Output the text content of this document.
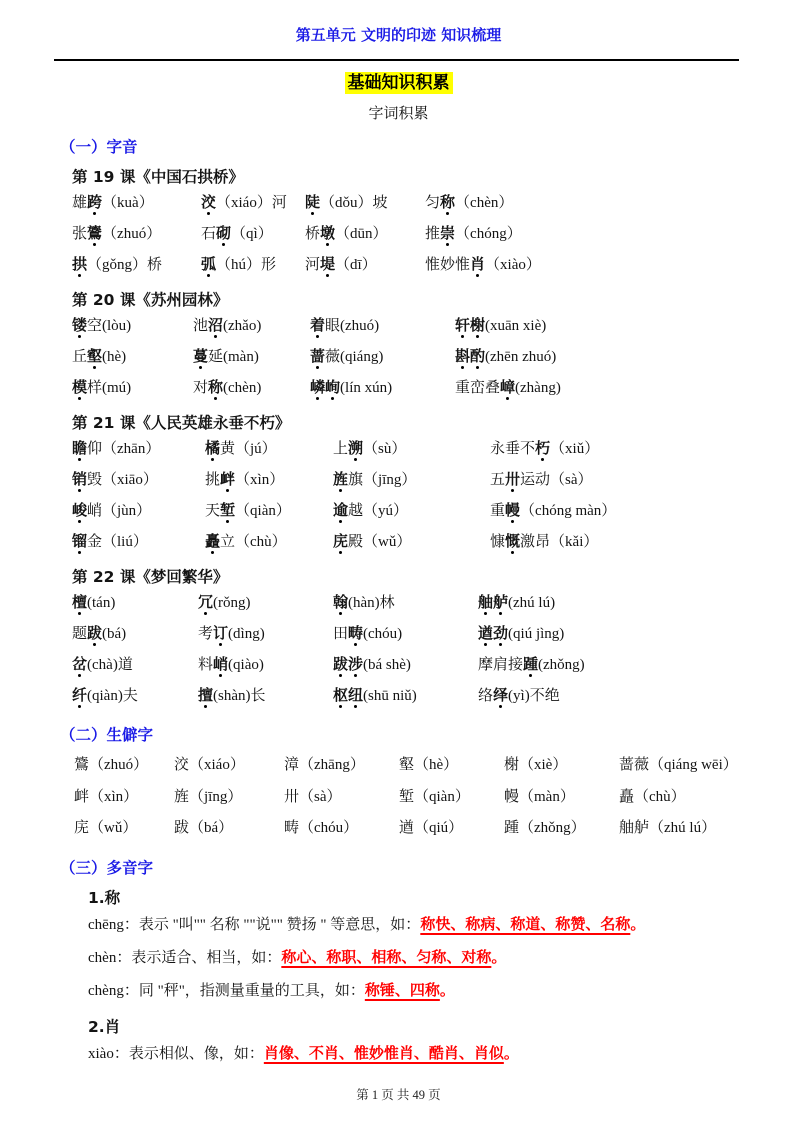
第五单元 文明的印迹 知识梳理
基础知识积累
字词积累
（一）字音
第 19 课《中国石拱桥》
雄跨（kuà）	洨（xiáo）河	陡（dǒu）坡	匀称（chèn）
张鷟（zhuó）	石砌（qì）	桥墩（dūn）	推崇（chóng）
拱（gǒng）桥	弧（hú）形	河堤（dī）	惟妙惟肖（xiào）
第 20 课《苏州园林》
镂空(lòu)	池沼(zhǎo)	着眼(zhuó)	轩榭(xuān xiè)
丘壑(hè)	蔓延(màn)	蔷薇(qiáng)	斟酌(zhēn zhuó)
模样(mú)	对称(chèn)	嶙峋(lín xún)	重峦叠嶂(zhàng)
第 21 课《人民英雄永垂不朽》
瞻仰（zhān）	橘黄（jú）	上溯（sù）	永垂不朽（xiǔ）
销毁（xiāo）	挑衅（xìn）	旌旗（jīng）	五卅运动（sà）
峻峭（jùn）	天堑（qiàn）	逾越（yú）	重幔（chóng màn）
镏金（liú）	矗立（chù）	庑殿（wǔ）	慷慨激昂（kǎi）
第 22 课《梦回繁华》
檀(tán)	冗(rǒng)	翰(hàn)林	舳舻(zhú lú)
题跋(bá)	考订(dìng)	田畴(chóu)	遒劲(qiú jìng)
岔(chà)道	料峭(qiào)	跋涉(bá shè)	摩肩接踵(zhǒng)
纤(qiàn)夫	擅(shàn)长	枢纽(shū niǔ)	络绎(yì)不绝
（二）生僻字
鷟（zhuó）	洨（xiáo）	漳（zhāng）	壑（hè）	榭（xiè）	蔷薇（qiáng wēi）
衅（xìn）	旌（jīng）	卅（sà）	堑（qiàn）	幔（màn）	矗（chù）
庑（wǔ）	跋（bá）	畴（chóu）	遒（qiú）	踵（zhǒng）	舳舻（zhú lú）
（三）多音字
1.称
chēng：表示 "叫"" 名称 ""说"" 赞扬 " 等意思，如：称快、称病、称道、称赞、名称。
chèn：表示适合、相当，如：称心、称职、相称、匀称、对称。
chèng：同 "秤"，指测量重量的工具，如：称锤、四称。
2.肖
xiào：表示相似、像，如：肖像、不肖、惟妙惟肖、酷肖、肖似。
第 1 页 共 49 页
